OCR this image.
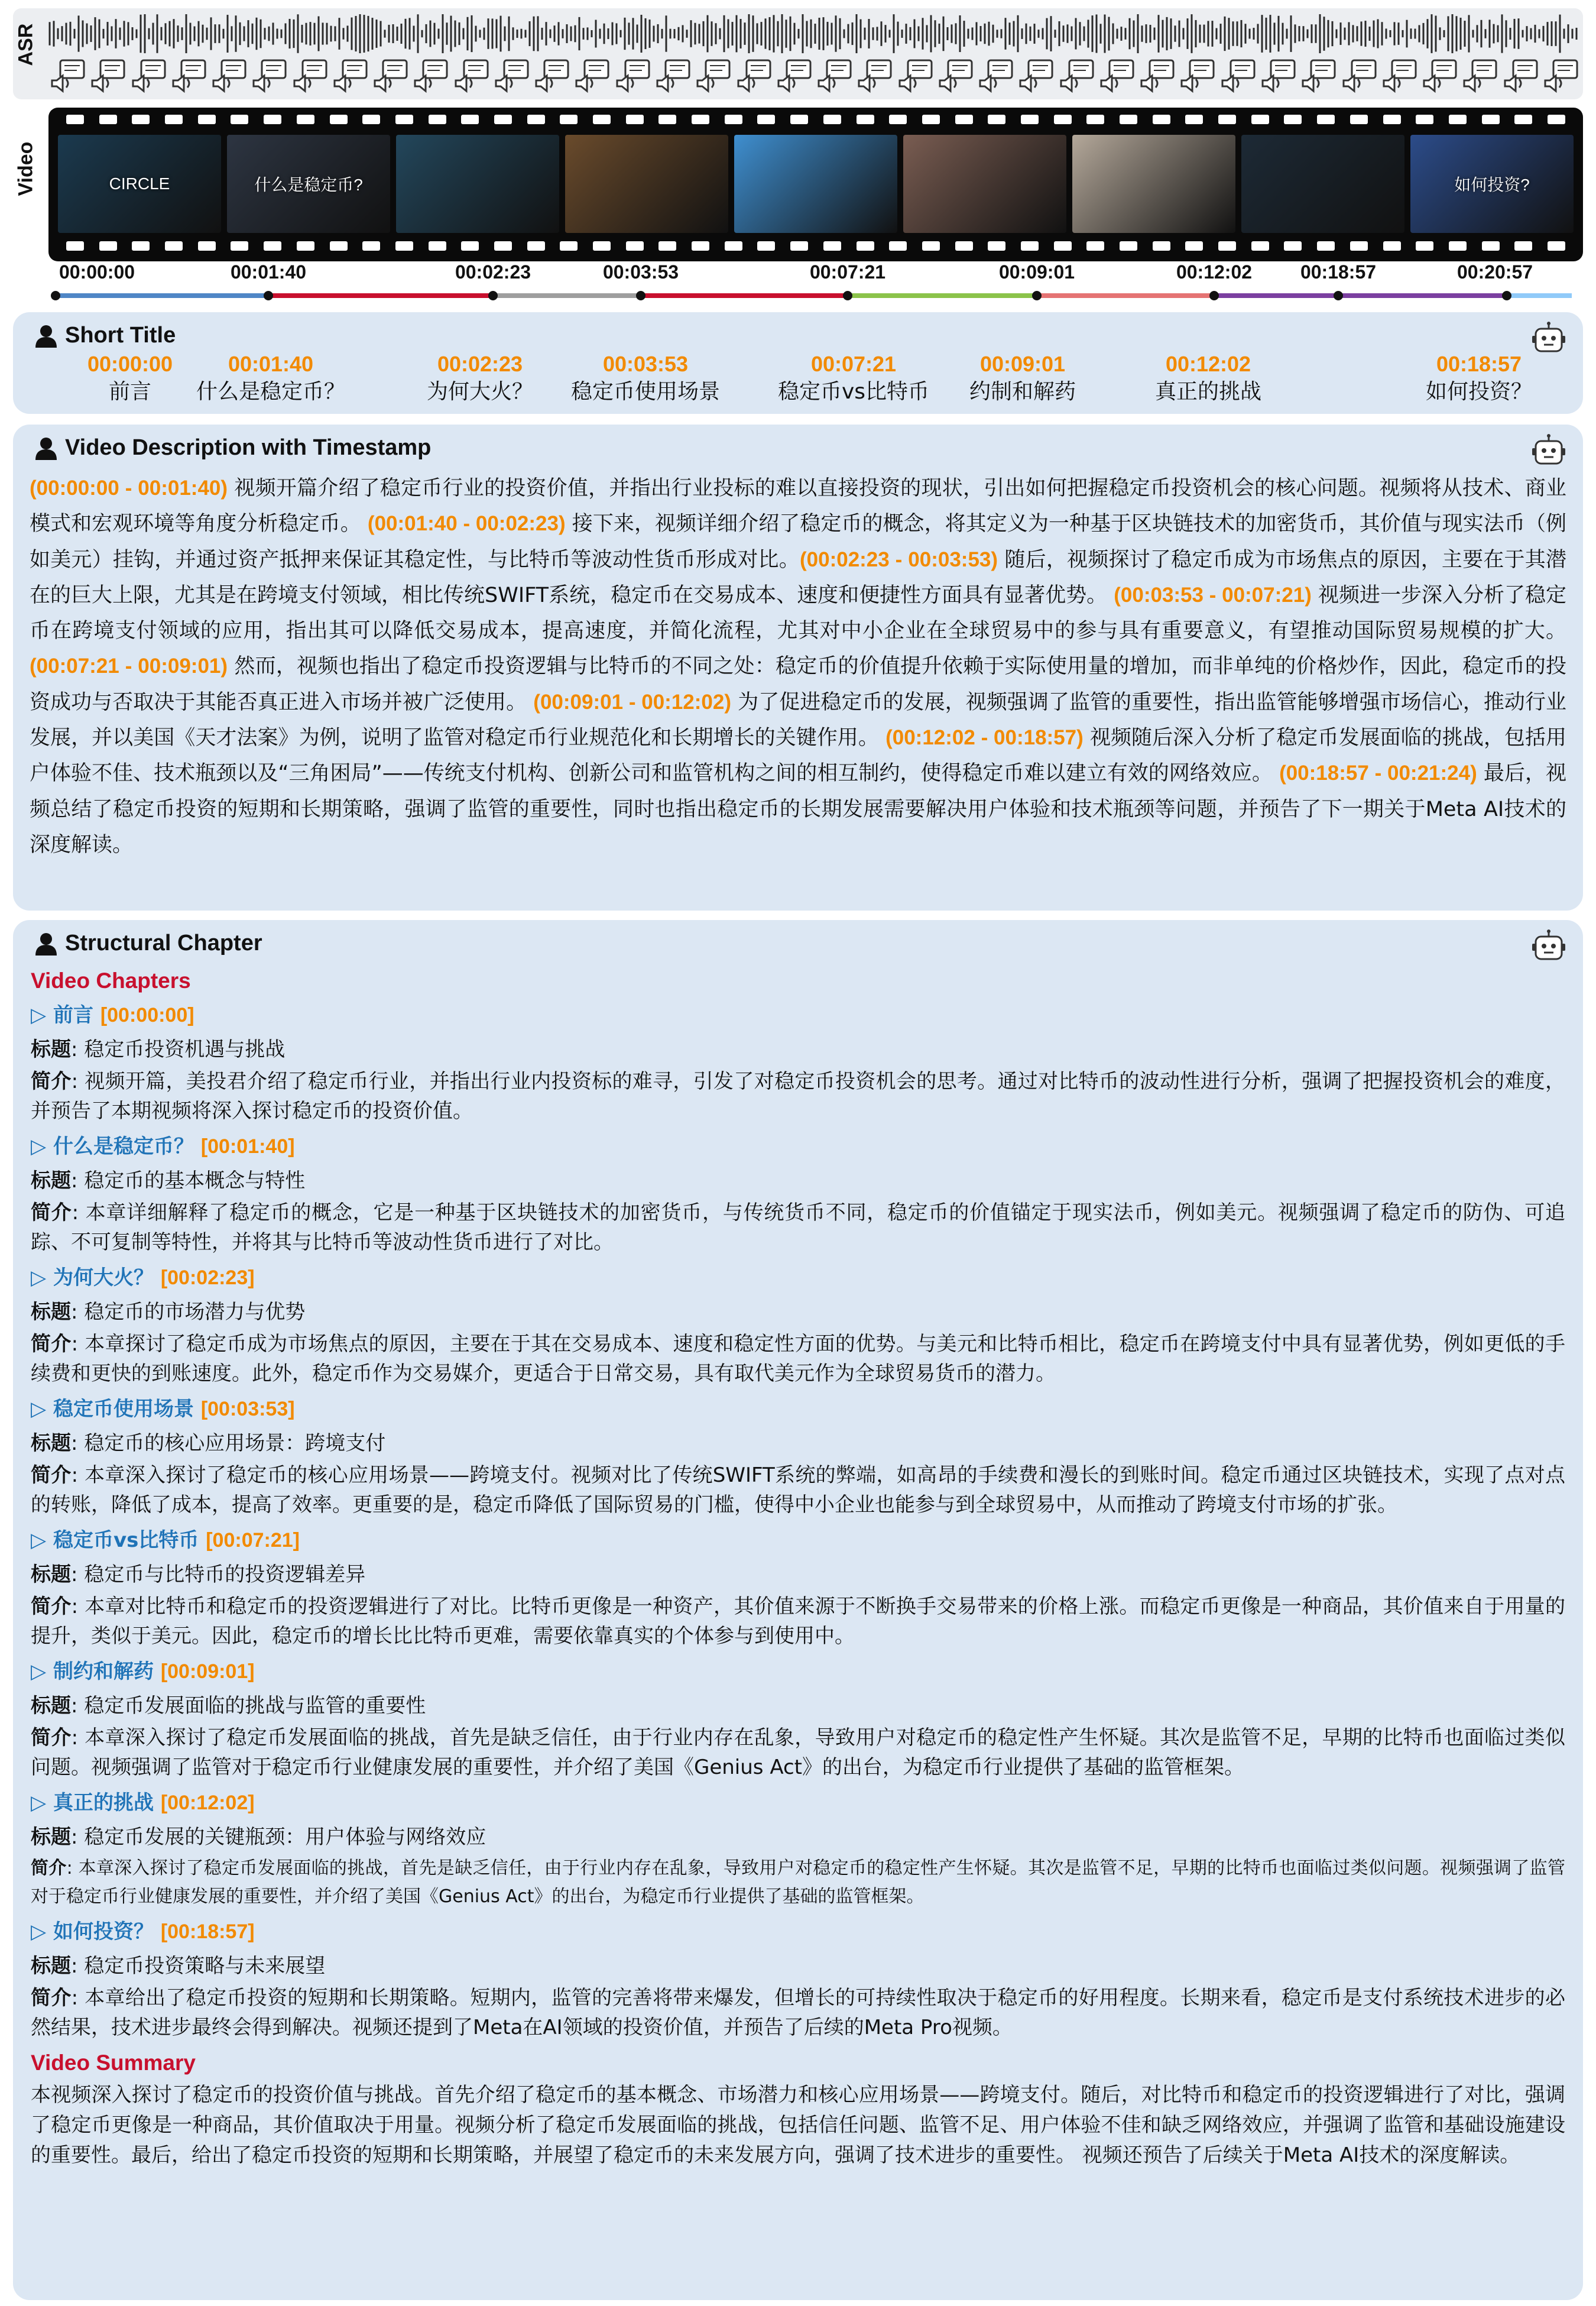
ASR
Video	CIRCLE	什么是稳定币?	如何投资?
00:00:00	00:01:40	00:02:23	00:03:53	00:07:21	00:09:01	00:12:02	00:18:57	00:20:57
Short Title
00:00:00
前言
00:01:40
什么是稳定币？
00:02:23
为何大火？
00:03:53
稳定币使用场景
00:07:21
稳定币vs比特币
00:09:01
约制和解药
00:12:02
真正的挑战
00:18:57
如何投资？
Video Description with Timestamp
(00:00:00 - 00:01:40) 视频开篇介绍了稳定币行业的投资价值，并指出行业投标的难以直接投资的现状，引出如何把握稳定币投资机会的核心问题。视频将从技术、商业模式和宏观环境等角度分析稳定币。 (00:01:40 - 00:02:23) 接下来，视频详细介绍了稳定币的概念，将其定义为一种基于区块链技术的加密货币，其价值与现实法币（例如美元）挂钩，并通过资产抵押来保证其稳定性，与比特币等波动性货币形成对比。(00:02:23 - 00:03:53) 随后，视频探讨了稳定币成为市场焦点的原因，主要在于其潜在的巨大上限，尤其是在跨境支付领域，相比传统SWIFT系统，稳定币在交易成本、速度和便捷性方面具有显著优势。 (00:03:53 - 00:07:21) 视频进一步深入分析了稳定币在跨境支付领域的应用，指出其可以降低交易成本，提高速度，并简化流程，尤其对中小企业在全球贸易中的参与具有重要意义，有望推动国际贸易规模的扩大。 (00:07:21 - 00:09:01) 然而，视频也指出了稳定币投资逻辑与比特币的不同之处：稳定币的价值提升依赖于实际使用量的增加，而非单纯的价格炒作，因此，稳定币的投资成功与否取决于其能否真正进入市场并被广泛使用。 (00:09:01 - 00:12:02) 为了促进稳定币的发展，视频强调了监管的重要性，指出监管能够增强市场信心，推动行业发展，并以美国《天才法案》为例，说明了监管对稳定币行业规范化和长期增长的关键作用。 (00:12:02 - 00:18:57) 视频随后深入分析了稳定币发展面临的挑战，包括用户体验不佳、技术瓶颈以及“三角困局”——传统支付机构、创新公司和监管机构之间的相互制约，使得稳定币难以建立有效的网络效应。 (00:18:57 - 00:21:24) 最后，视频总结了稳定币投资的短期和长期策略，强调了监管的重要性，同时也指出稳定币的长期发展需要解决用户体验和技术瓶颈等问题，并预告了下一期关于Meta AI技术的深度解读。
Structural Chapter
Video Chapters
▷ 前言 [00:00:00]
标题: 稳定币投资机遇与挑战
简介: 视频开篇，美投君介绍了稳定币行业，并指出行业内投资标的难寻，引发了对稳定币投资机会的思考。通过对比特币的波动性进行分析，强调了把握投资机会的难度，并预告了本期视频将深入探讨稳定币的投资价值。
▷ 什么是稳定币？ [00:01:40]
标题: 稳定币的基本概念与特性
简介: 本章详细解释了稳定币的概念，它是一种基于区块链技术的加密货币，与传统货币不同，稳定币的价值锚定于现实法币，例如美元。视频强调了稳定币的防伪、可追踪、不可复制等特性，并将其与比特币等波动性货币进行了对比。
▷ 为何大火？ [00:02:23]
标题: 稳定币的市场潜力与优势
简介: 本章探讨了稳定币成为市场焦点的原因，主要在于其在交易成本、速度和稳定性方面的优势。与美元和比特币相比，稳定币在跨境支付中具有显著优势，例如更低的手续费和更快的到账速度。此外，稳定币作为交易媒介，更适合于日常交易，具有取代美元作为全球贸易货币的潜力。
▷ 稳定币使用场景 [00:03:53]
标题: 稳定币的核心应用场景：跨境支付
简介: 本章深入探讨了稳定币的核心应用场景——跨境支付。视频对比了传统SWIFT系统的弊端，如高昂的手续费和漫长的到账时间。稳定币通过区块链技术，实现了点对点的转账，降低了成本，提高了效率。更重要的是，稳定币降低了国际贸易的门槛，使得中小企业也能参与到全球贸易中，从而推动了跨境支付市场的扩张。
▷ 稳定币vs比特币 [00:07:21]
标题: 稳定币与比特币的投资逻辑差异
简介: 本章对比特币和稳定币的投资逻辑进行了对比。比特币更像是一种资产，其价值来源于不断换手交易带来的价格上涨。而稳定币更像是一种商品，其价值来自于用量的提升，类似于美元。因此，稳定币的增长比比特币更难，需要依靠真实的个体参与到使用中。
▷ 制约和解药 [00:09:01]
标题: 稳定币发展面临的挑战与监管的重要性
简介: 本章深入探讨了稳定币发展面临的挑战，首先是缺乏信任，由于行业内存在乱象，导致用户对稳定币的稳定性产生怀疑。其次是监管不足，早期的比特币也面临过类似问题。视频强调了监管对于稳定币行业健康发展的重要性，并介绍了美国《Genius Act》的出台，为稳定币行业提供了基础的监管框架。
▷ 真正的挑战 [00:12:02]
标题: 稳定币发展的关键瓶颈：用户体验与网络效应
简介: 本章深入探讨了稳定币发展面临的挑战，首先是缺乏信任，由于行业内存在乱象，导致用户对稳定币的稳定性产生怀疑。其次是监管不足，早期的比特币也面临过类似问题。视频强调了监管对于稳定币行业健康发展的重要性，并介绍了美国《Genius Act》的出台，为稳定币行业提供了基础的监管框架。
▷ 如何投资？ [00:18:57]
标题: 稳定币投资策略与未来展望
简介: 本章给出了稳定币投资的短期和长期策略。短期内，监管的完善将带来爆发，但增长的可持续性取决于稳定币的好用程度。长期来看，稳定币是支付系统技术进步的必然结果，技术进步最终会得到解决。视频还提到了Meta在AI领域的投资价值，并预告了后续的Meta Pro视频。
Video Summary
本视频深入探讨了稳定币的投资价值与挑战。首先介绍了稳定币的基本概念、市场潜力和核心应用场景——跨境支付。随后，对比特币和稳定币的投资逻辑进行了对比，强调了稳定币更像是一种商品，其价值取决于用量。视频分析了稳定币发展面临的挑战，包括信任问题、监管不足、用户体验不佳和缺乏网络效应，并强调了监管和基础设施建设的重要性。最后，给出了稳定币投资的短期和长期策略，并展望了稳定币的未来发展方向，强调了技术进步的重要性。 视频还预告了后续关于Meta AI技术的深度解读。
